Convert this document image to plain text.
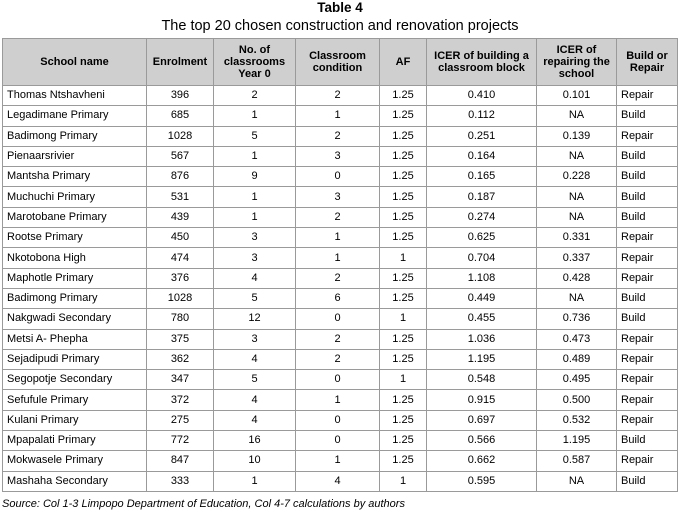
Table 4
The top 20 chosen construction and renovation projects
School name	Enrolment	No. of classrooms Year 0	Classroom condition	AF	ICER of building a classroom block	ICER of repairing the school	Build or Repair
Thomas Ntshavheni	396	2	2	1.25	0.410	0.101	Repair
Legadimane Primary	685	1	1	1.25	0.112	NA	Build
Badimong Primary	1028	5	2	1.25	0.251	0.139	Repair
Pienaarsrivier	567	1	3	1.25	0.164	NA	Build
Mantsha Primary	876	9	0	1.25	0.165	0.228	Build
Muchuchi Primary	531	1	3	1.25	0.187	NA	Build
Marotobane Primary	439	1	2	1.25	0.274	NA	Build
Rootse Primary	450	3	1	1.25	0.625	0.331	Repair
Nkotobona High	474	3	1	1	0.704	0.337	Repair
Maphotle Primary	376	4	2	1.25	1.108	0.428	Repair
Badimong Primary	1028	5	6	1.25	0.449	NA	Build
Nakgwadi Secondary	780	12	0	1	0.455	0.736	Build
Metsi A- Phepha	375	3	2	1.25	1.036	0.473	Repair
Sejadipudi Primary	362	4	2	1.25	1.195	0.489	Repair
Segopotje Secondary	347	5	0	1	0.548	0.495	Repair
Sefufule Primary	372	4	1	1.25	0.915	0.500	Repair
Kulani Primary	275	4	0	1.25	0.697	0.532	Repair
Mpapalati Primary	772	16	0	1.25	0.566	1.195	Build
Mokwasele Primary	847	10	1	1.25	0.662	0.587	Repair
Mashaha Secondary	333	1	4	1	0.595	NA	Build
Source: Col 1-3 Limpopo Department of Education, Col 4-7 calculations by authors
